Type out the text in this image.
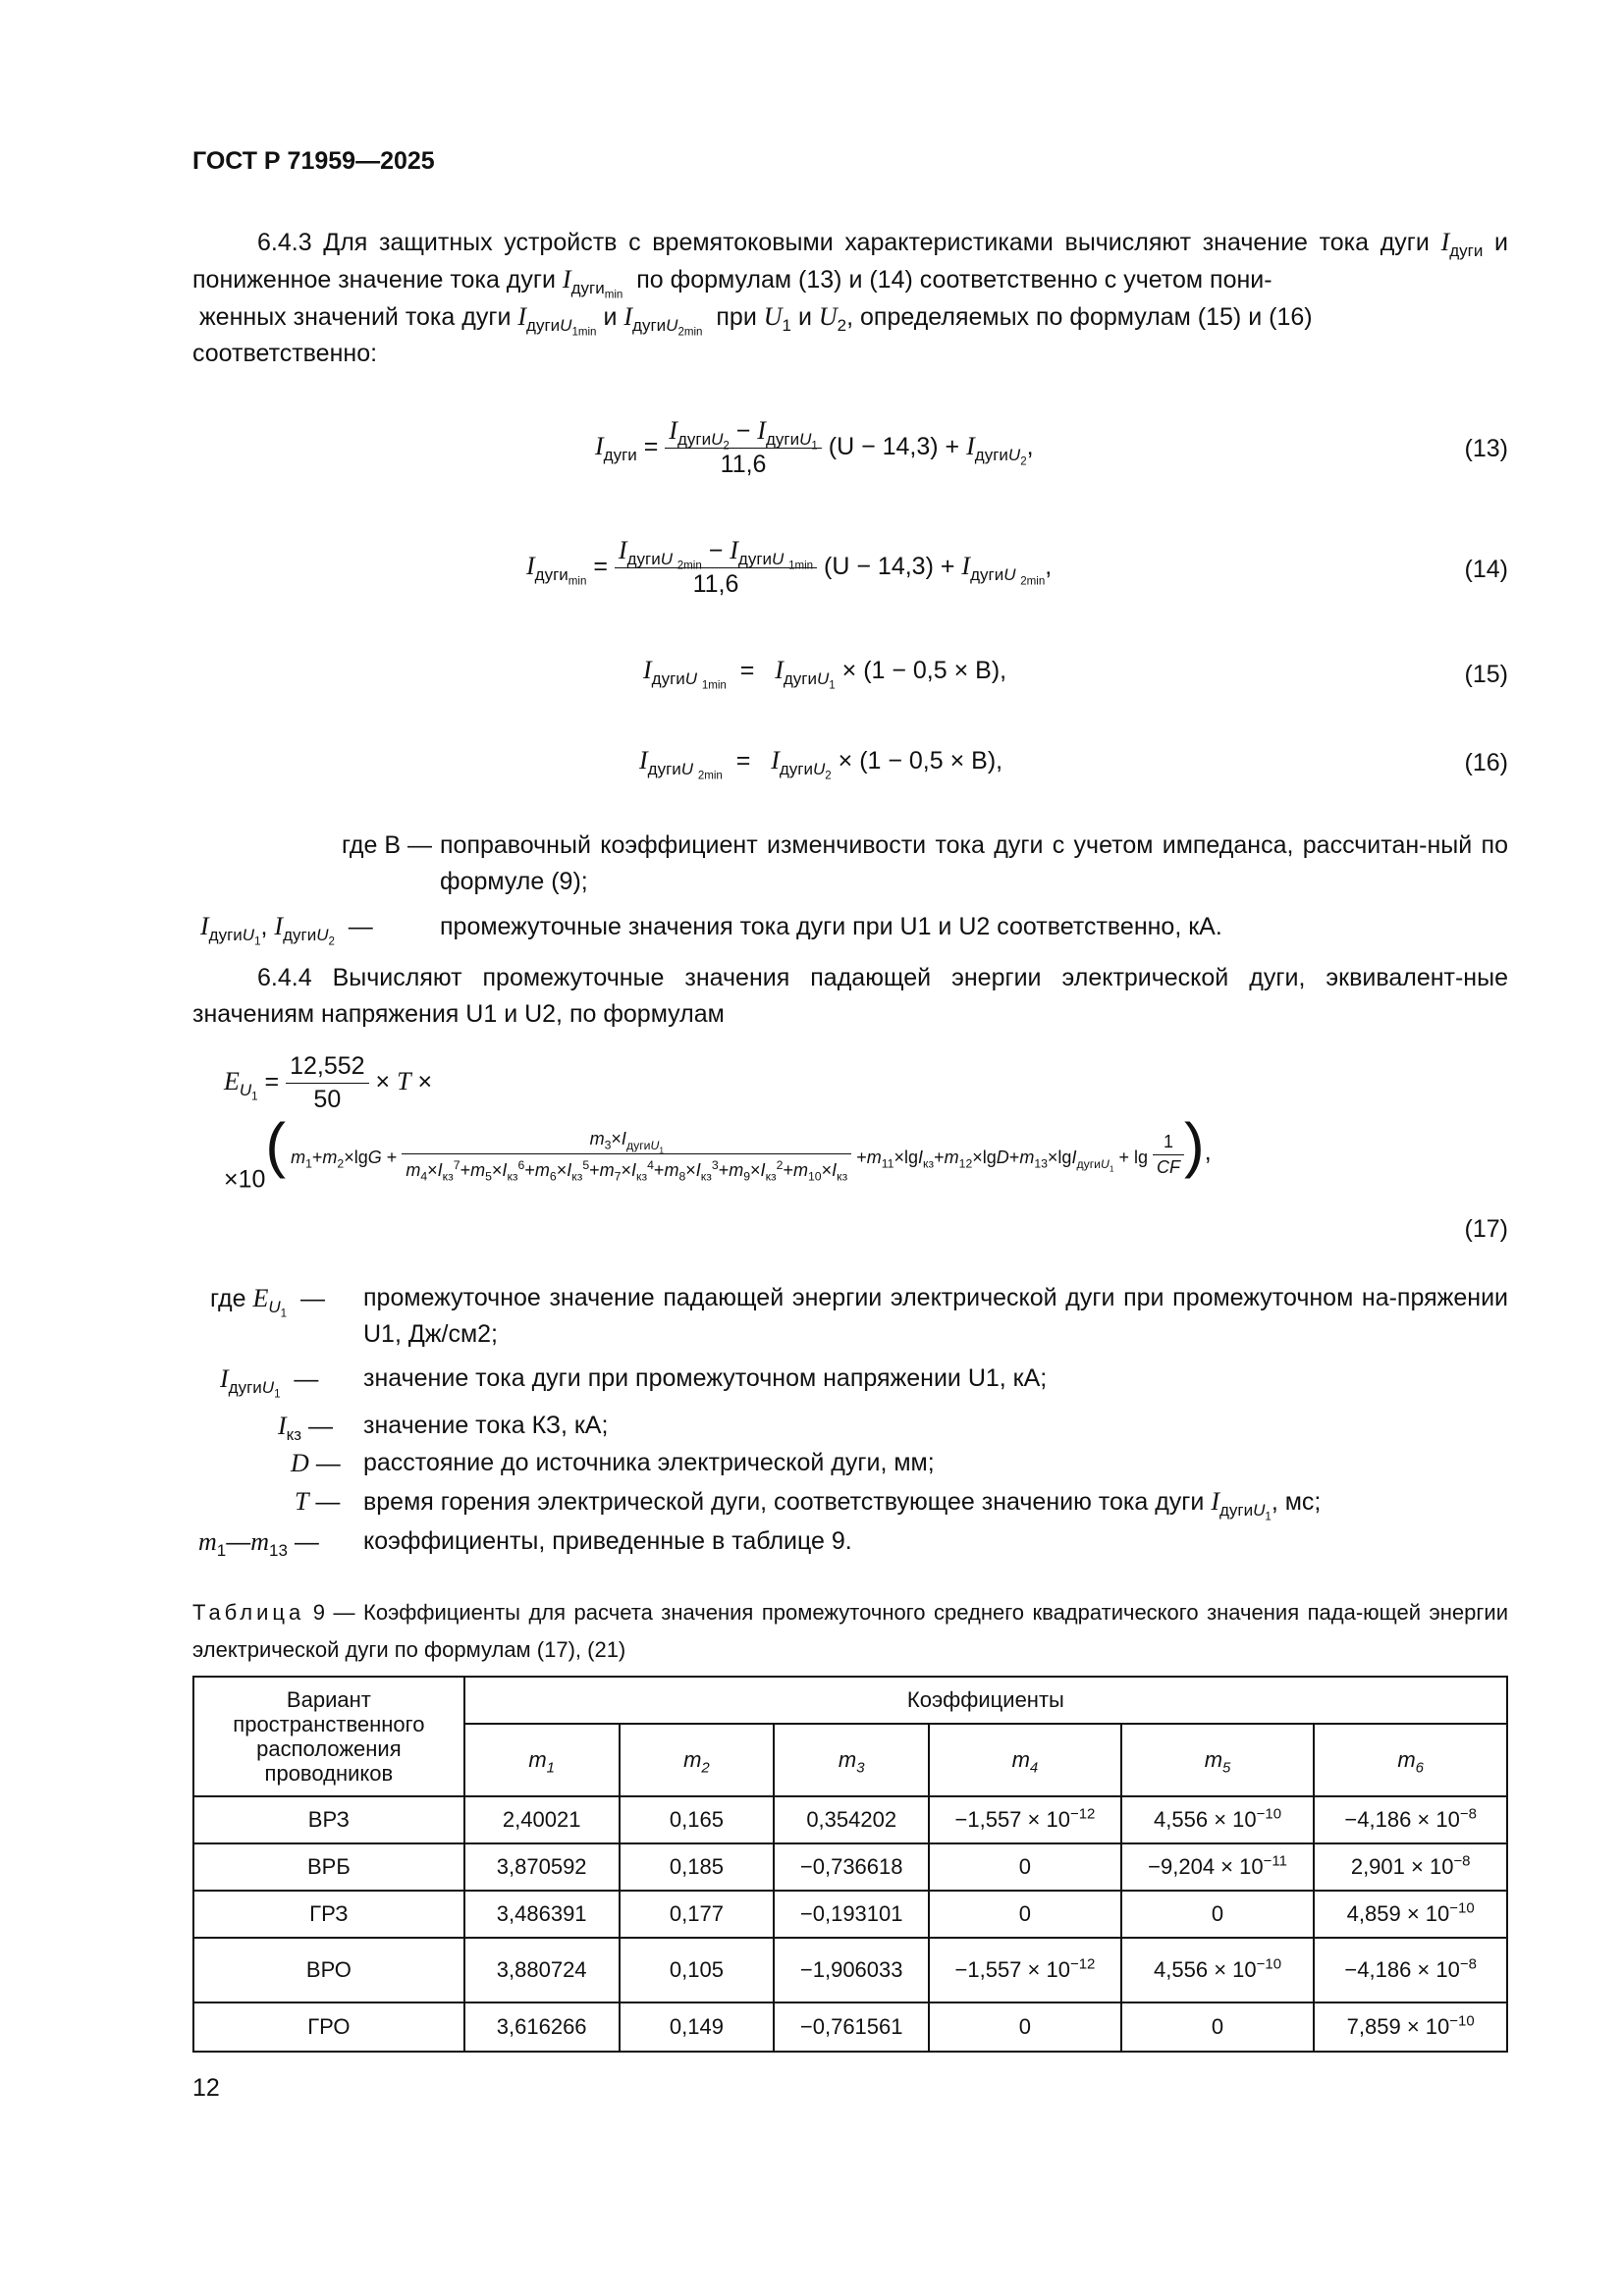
ГОСТ Р 71959—2025
6.4.3 Для защитных устройств с времятоковыми характеристиками вычисляют значение тока дуги $I_{дуги}$ и пониженное значение тока дуги $I_{дуги_{min}}$  по формулам (13) и (14) соответственно с учетом пони-
женных значений тока дуги $I_{дугиU_{1min}}$ и $I_{дугиU_{2min}}$  при $U_1$ и $U_2$, определяемых по формулам (15) и (16)
соответственно:
$I_{дуги} = \frac{I_{дугиU_2} - I_{дугиU_1}}{11,6} (U - 14,3) + I_{дугиU_2}$,	(13)
$I_{дуги_{min}} = \frac{I_{дугиU _{2min}} - I_{дугиU _{1min}}}{11,6} (U - 14,3) + I_{дугиU _{2min}}$,	(14)
$I_{дугиU _{1min}} = I_{дугиU_1} \times (1 - 0,5 \times B)$,	(15)
$I_{дугиU _{2min}} = I_{дугиU_2} \times (1 - 0,5 \times B)$,	(16)
где B — поправочный коэффициент изменчивости тока дуги с учетом импеданса, рассчитан-ный по формуле (9);
$I_{дугиU_1}$, $I_{дугиU_2}$  —	промежуточные значения тока дуги при U1 и U2 соответственно, кА.
6.4.4 Вычисляют промежуточные значения падающей энергии электрической дуги, эквивалент-ные значениям напряжения U1 и U2, по формулам
$E_{U_1} = \frac{12,552}{50} \times T$ ×
×10( $m_1+m_2\times\lg G + \frac{m_3\times I_{дугиU_1}}{m_4\times I_{кз}^7+m_5\times I_{кз}^6+m_6\times I_{кз}^5+m_7\times I_{кз}^4+m_8\times I_{кз}^3+m_9\times I_{кз}^2+m_{10}\times I_{кз}} +m_{11}\times\lg I_{кз}+m_{12}\times\lg D+m_{13}\times\lg I_{дугиU_1} + \lg \frac{1}{CF}$ ),
(17)
где $E_{U_1}$  — промежуточное значение падающей энергии электрической дуги при промежуточном на-пряжении U1, Дж/см2;
$I_{дугиU_1}$  — значение тока дуги при промежуточном напряжении U1, кА;
$I_{кз}$ — значение тока КЗ, кА;
D — расстояние до источника электрической дуги, мм;
T — время горения электрической дуги, соответствующее значению тока дуги $I_{дугиU_1}$, мс;
$m_1—m_{13}$ — коэффициенты, приведенные в таблице 9.
Таблица 9 — Коэффициенты для расчета значения промежуточного среднего квадратического значения пада-ющей энергии электрической дуги по формулам (17), (21)
Вариант пространственного расположения проводников	Коэффициенты					
	$m_1$	$m_2$	$m_3$	$m_4$	$m_5$	$m_6$
ВРЗ	2,40021	0,165	0,354202	$-1,557 \times 10^{-12}$	$4,556 \times 10^{-10}$	$-4,186 \times 10^{-8}$
ВРБ	3,870592	0,185	−0,736618	0	$-9,204 \times 10^{-11}$	$2,901 \times 10^{-8}$
ГРЗ	3,486391	0,177	−0,193101	0	0	$4,859 \times 10^{-10}$
ВРО	3,880724	0,105	−1,906033	$-1,557 \times 10^{-12}$	$4,556 \times 10^{-10}$	$-4,186 \times 10^{-8}$
ГРО	3,616266	0,149	−0,761561	0	0	$7,859 \times 10^{-10}$
12
